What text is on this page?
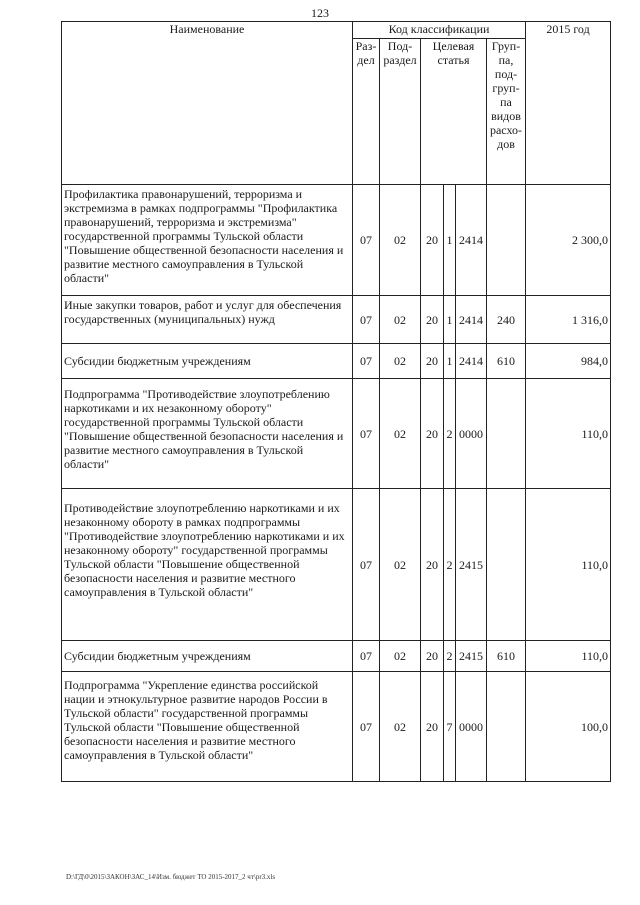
123
Наименование	Код классификации						2015 год
	Раз-дел	Под-раздел	Целевая статья			Груп-па, под-груп-па видов расхо-дов	
Профилактика правонарушений, терроризма и экстремизма в рамках подпрограммы "Профилактика правонарушений, терроризма и экстремизма" государственной программы Тульской области "Повышение общественной безопасности населения и развитие местного самоуправления в Тульской области"	07	02	20	1	2414		2 300,0
Иные закупки товаров, работ и услуг для обеспечения государственных (муниципальных) нужд	07	02	20	1	2414	240	1 316,0
Субсидии бюджетным учреждениям	07	02	20	1	2414	610	984,0
Подпрограмма "Противодействие злоупотреблению наркотиками и их незаконному обороту" государственной программы Тульской области "Повышение общественной безопасности населения и развитие местного самоуправления в Тульской области"	07	02	20	2	0000		110,0
Противодействие злоупотреблению наркотиками и их незаконному обороту в рамках подпрограммы "Противодействие злоупотреблению наркотиками и их незаконному обороту" государственной программы Тульской области "Повышение общественной безопасности населения и развитие местного самоуправления в Тульской области"	07	02	20	2	2415		110,0
Субсидии бюджетным учреждениям	07	02	20	2	2415	610	110,0
Подпрограмма "Укрепление единства российской нации и этнокультурное развитие народов России в Тульской области" государственной программы Тульской области "Повышение общественной безопасности населения и развитие местного самоуправления в Тульской области"	07	02	20	7	0000		100,0
D:\ГД\0\2015\ЗАКОН\ЗАС_14\Изм. бюджет ТО 2015-2017_2 чт\pr3.xls
